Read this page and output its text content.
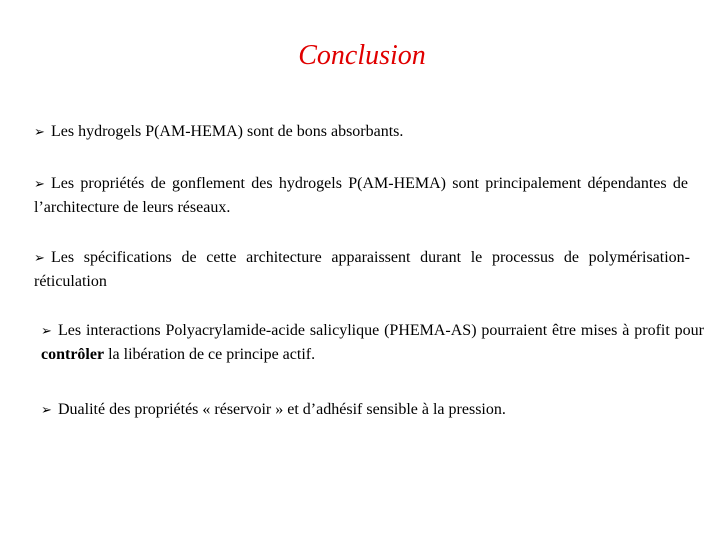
Conclusion
➢ Les hydrogels P(AM-HEMA) sont de bons absorbants.
➢ Les propriétés de gonflement des hydrogels P(AM-HEMA) sont principalement dépendantes de l’architecture de leurs réseaux.
➢ Les spécifications de cette architecture apparaissent durant le processus de polymérisation-réticulation
➢ Les interactions Polyacrylamide-acide salicylique (PHEMA-AS) pourraient être mises à profit pour contrôler la libération de ce principe actif.
➢ Dualité des propriétés « réservoir » et d’adhésif sensible à la pression.
